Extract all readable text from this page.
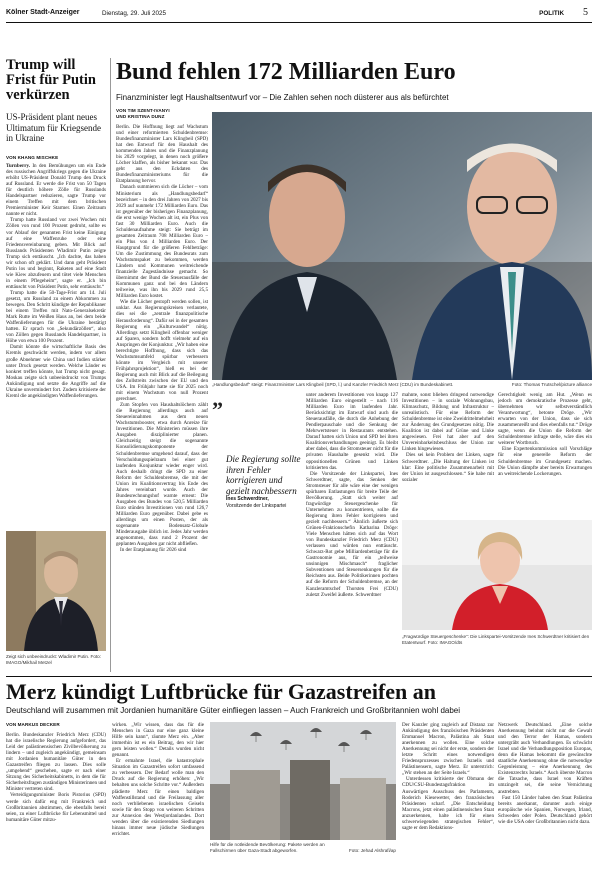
Kölner Stadt-Anzeiger	Dienstag, 29. Juli 2025	POLITIK 5
Trump will Frist für Putin verkürzen
US-Präsident plant neues Ultimatum für Kriegsende in Ukraine
VON KHANG MISCHKE

Turnberry. In den Bemühungen um ein Ende des russischen Angriffskriegs gegen die Ukraine erhöht US-Präsident Donald Trump den Druck auf Russland. Er werde die Frist von 50 Tagen für deutlich höhere Zölle für Russlands Handelspartner reduzieren, sagte Trump vor einem Treffen mit dem britischen Premierminister Keir Starmer. Einen Zeitraum nannte er nicht.

Trump hatte Russland vor zwei Wochen mit Zöllen von rund 100 Prozent gedroht, sollte es vor Ablauf der genannten Frist keine Einigung auf eine Waffenruhe oder eine Friedensvereinbarung geben. Mit Blick auf Russlands Präsidenten Wladimir Putin zeigte Trump sich enttäuscht. „Ich dachte, das haben wir schon oft geklärt. Und dann geht Präsident Putin los und beginnt, Raketen auf eine Stadt wie Kiew abzufeuern und tötet viele Menschen in einem Pflegeheim“, sagte er. „Ich bin enttäuscht von Präsident Putin, sehr enttäuscht.“

Trump hatte die 50-Tage-Frist am 14. Juli gesetzt, um Russland zu einem Abkommen zu bewegen. Den Schritt kündigte der Republikaner bei einem Treffen mit Nato-Generalsekretär Mark Rutte im Weißen Haus an, bei dem beide Waffenlieferungen für die Ukraine bestätigt hatten. Er sprach von „Sekundärzöllen“, also von Zöllen gegen Russlands Handelspartner, in Höhe von etwa 100 Prozent.

Damit könnte die wirtschaftliche Basis des Kremls geschwächt werden, indem vor allem große Abnehmer wie China und Indien stärker unter Druck gesetzt werden. Welche Länder es konkret treffen könnte, hat Trump nicht gesagt. Moskau zeigte sich unbeeindruckt von Trumps Ankündigung und setzte die Angriffe auf die Ukraine unvermindert fort. Zudem kritisierte der Kreml die angekündigten Waffenlieferungen.

Zeigt sich unbeeindruckt: Wladimir Putin. Foto: IMAGO/Mikhail Metzel
Bund fehlen 172 Milliarden Euro
Finanzminister legt Haushaltsentwurf vor – Die Zahlen sehen noch düsterer aus als befürchtet
VON TIM SZENT-IVANYI
UND KRISTINA DUNZ

Berlin. Die Hoffnung liegt auf Wachstum und einer reformierten Schuldenbremse: Bundesfinanzminister Lars Klingbeil (SPD) hat den Entwurf für den Haushalt des kommenden Jahres und die Finanzplanung bis 2029 vorgelegt, in denen noch größere Löcher klaffen, als bisher bekannt war. Das geht aus den Eckdaten des Bundesfinanzministeriums für die Etatplanung hervor.

Danach summieren sich die Lücher – vom Ministerium als „Handlungsbedarf“ bezeichnet – in den drei Jahren von 2027 bis 2029 auf nunmehr 172 Milliarden Euro. Das ist gegenüber der bisherigen Finanzplanung, die erst wenige Wochen alt ist, ein Plus von fast 30 Milliarden Euro. Auch die Schuldenaufnahme steigt: Sie beträgt im gesamten Zeitraum 708 Milliarden Euro – ein Plus von 4 Milliarden Euro. Der Hauptgrund für die größeren Fehlbeträge: Um die Zustimmung des Bundesrats zum Wachstumspaket zu bekommen, werden Ländern und Kommunen weitreichende finanzielle Zugeständnisse gemacht. So übernimmt der Bund die Steuerausfälle der Kommunen ganz und bei den Ländern teilweise, was ihn bis 2029 rund 25,5 Milliarden Euro kostet.

Wie die Löcher gestopft werden sollen, ist unklar. Aus Regierungskreisen verlautete, dies sei die „zentrale finanzpolitische Herausforderung“. Dafür sei in der gesamten Regierung ein „Kulturwandel“ nötig. Allerdings setzt Klingbeil offenbar weniger auf Sparen, sondern hofft vielmehr auf ein Anspringen der Konjunktur. „Wir haben eine berechtigte Hoffnung, dass sich das Wachstumsumfeld spürbar verbessern könnte im Vergleich mit unserer Frühjahrsprojektion“, hieß es bei der Regierung auch mit Blick auf die Beilegung des Zollstreits zwischen der EU und den USA. Im Frühjahr hatte sie für 2025 noch mit einem Wachstum von null Prozent gerechnet.

Zum Stopfen von Haushaltslöchern zählt die Regierung allerdings auch auf Steuereinnahmen aus dem neuen Wachstumsbooster, etwa durch Anreize für Investitionen. Die Ministerien müssen ihre Ausgaben disziplinierter planen. Gleichzeitig steigt die sogenannte Konsolidierungskomponente der Schuldenbremse umgehend darauf, dass der Verschuldungsspielraum bei einer gut laufenden Konjunktur wieder enger wird. Auch deshalb dringt die SPD zu einer Reform der Schuldenbremse, die mit der Union im Koalitionsvertrag bis Ende des Jahres vereinbart wurde. Auch der Bundesrechnungshof warnte erneut: Die Ausgaben des Bundes von 520,5 Milliarden Euro stünden Investitionen von rund 126,7 Milliarden Euro gegenüber. Dabei gebe es allerdings um einen Posten, der als sogenannte Bodensatz-Globale Minderausgabe üblich ist. Jedes Jahr werden angenommen, dass rund 2 Prozent der geplanten Ausgaben gar nicht abfließen.

In der Etatplanung für 2026 sind

„Handlungsbedarf“ steigt: Finanzminister Lars Klingbeil (SPD, l.) und Kanzler Friedrich Merz (CDU) im Bundeskabinett.	Foto: Thomas Trutschel/picture alliance
”
Die Regierung sollte ihren Fehler korrigieren und gezielt nachbessern
Ines Schwerdtner,
Vorsitzende der Linkspartei

unter anderem Investitionen von knapp 127 Milliarden Euro eingestellt – nach 116 Milliarden Euro im laufenden Jahr. Berücksichtigt im Entwurf sind auch die Steuerausfälle, die durch die Anhebung der Pendlerpauschale und die Senkung der Mehrwertsteuer in Restaurants entstehen. Darauf hatten sich Union und SPD bei ihren Koalitionsverhandlungen geeinigt. Es bleibt aber dabei, dass die Stromsteuer nicht für die privaten Haushalte gesenkt wird. Die oppositionellen Grünen und Linken kritisierten das.

Die Vorsitzende der Linkspartei, Ines Schwerdtner, sagte, das Senken der Stromsteuer für alle wäre eine der wenigen spürbaren Entlastungen für breite Teile der Bevölkerung. „Statt sich weiter auf fragwürdige Steuergeschenke für Unternehmen zu konzentrieren, sollte die Regierung ihren Fehler korrigieren und gezielt nachbessern.“ Ähnlich äußerte sich Grünen-Fraktionschefin Katharina Dröge: Viele Menschen hätten sich auf das Wort von Bundeskanzler Friedrich Merz (CDU) verlassen und würden nun enttäuscht. Schwarz-Rot gebe Milliardenbeträge für die Gastronomie aus, für ein „teilweise unsinnigen Mischmasch“ fraglicher Subventionen und Steuersenkungen für die Reichsten aus. Beide Politikerinnen pochten auf die Reform der Schuldenbremse, an der Kanzleramtschef Thorsten Frei (CDU) zuletzt Zweifel äußerte. Schwerdtner

mahnte, sonst blieben dringend notwendige Investitionen – in soziale Wohnungsbau, Klimaschutz, Bildung und Infrastruktur – unrealistisch. Für eine Reform der Schuldenbremse ist eine Zweidrittelmehrheit zur Änderung des Grundgesetzes nötig. Die Koalition ist dabei auf Grüne und Linke angewiesen. Frei hat aber auf den Unvereinbarkeitsbeschluss der Union zur Linken hingewiesen.

Dies sei kein Problem der Linken, sagte Schwerdtner. „Die Haltung der Linken ist klar: Eine politische Zusammenarbeit mit der Union ist ausgeschlossen.“ Sie habe mit sozialer

Gerechtigkeit wenig am Hut. „Wenn es jedoch um demokratische Prozesse geht, übernehmen wir selbstverständlich Verantwortung“, betonte Dröge. „Wir erwarten von der Union, dass sie sich zusammenreißt und dies ebenfalls tut.“ Dröge sagte, wenn die Union die Reform der Schuldenbremse infrage stelle, wäre dies ein weiterer Wortbruch.

Eine Expertenkommission soll Vorschläge für eine generelle Reform der Schuldenbremse im Grundgesetz machen. Die Union dämpfte aber bereits Erwartungen an weitreichende Lockerungen.

„Fragwürdige Steuergeschenke“: Die Linkspartei-Vorsitzende Ines Schwerdtner kritisiert den Etatentwurf. Foto: IMAGO/dts
Merz kündigt Luftbrücke für Gazastreifen an
Deutschland will zusammen mit Jordanien humanitäre Güter einfliegen lassen – Auch Frankreich und Großbritannien wohl dabei
VON MARKUS DECKER

Berlin. Bundeskanzler Friedrich Merz (CDU) hat die israelische Regierung aufgefordert, das Leid der palästinensischen Zivilbevölkerung zu lindern – und zugleich angekündigt, gemeinsam mit Jordanien humanitäre Güter in den Gazastreifen fliegen zu lassen. Dies solle „umgehend“ geschehen, sagte er nach einer Sitzung des Sicherheitskabinetts, in dem die für Sicherheitsfragen zuständigen Ministerinnen und Minister vertreten sind.

Verteidigungsminister Boris Pistorius (SPD) werde sich dafür eng mit Frankreich und Großbritannien abstimmen, die ebenfalls bereit seien, zu einer Luftbrücke für Lebensmittel und humanitäre Güter mitzu-

wirken. „Wir wissen, dass das für die Menschen in Gaza nur eine ganz kleine Hilfe sein kann“, räumte Merz ein. „Aber immerhin ist es ein Beitrag, den wir hier gern leisten wollen.“ Details wurden nicht genannt.

Er ermahnte Israel, die katastrophale Situation im Gazastreifen sofort umfassend zu verbessern. Der Bedarf wolle man den Druck auf die Regierung erhöhen: „Wir behalten uns solche Schritte vor.“ Außerdem plädierte Merz für einen baldigen Waffenstillstand und die Freilassung aller noch verbliebenen israelischen Geiseln sowie für den Stopp von weiteren Schritten zur Annexion des Westjordanlandes. Dort wenden über die existierenden Siedlungen hinaus immer neue jüdische Siedlungen errichtet.

Hilfe für die notleidende Bevölkerung: Pakete werden an Fallschirmen über Gaza-Stadt abgeworfen.	Foto: Jehad Alshrafi/ap

Der Kanzler ging zugleich auf Distanz zur Ankündigung des französischen Präsidenten Emmanuel Macron, Palästina als Staat anerkennen zu wollen. Eine solche Anerkennung sei nicht der erste, sondern der letzte Schritt eines notwendigen Friedensprozesses zwischen Israelis und Palästinensern, sagte Merz. Er unterstrich: „Wir stehen an der Seite Israels.“

Unterdessen kritisierte der Obmann der CDU/CSU-Bundestagsfraktion im Auswärtigen Ausschuss des Parlaments, Roderich Kiesewetter, den französischen Präsidenten scharf. „Die Entscheidung Macrons, jetzt einen palästinensischen Staat anzuerkennen, halte ich für einen schwerwiegenden strategischen Fehler“, sagte er dem Redaktions-

Netzwerk Deutschland. „Eine solche Anerkennung belohnt nicht nur die Gewalt und den Terror der Hamas, sondern untergräbt auch Verhandlungen. Es schwächt Israel und die Verhandlungsposition Europas, denn die Hamas bekommt die gewünschte staatliche Anerkennung ohne die notwendige Gegenleistung – eine Anerkennung des Existenzrechts Israels.“ Auch überste Macron die Tatsache, dass Israel von Kräften umzingelt sei, die seine Vernichtung anstrebten.

Fast 150 Länder haben den Staat Palästina bereits anerkannt, darunter auch einige europäische wie Spanien, Norwegen, Irland, Schweden oder Polen. Deutschland gehört wie die USA oder Großbritannien nicht dazu.
